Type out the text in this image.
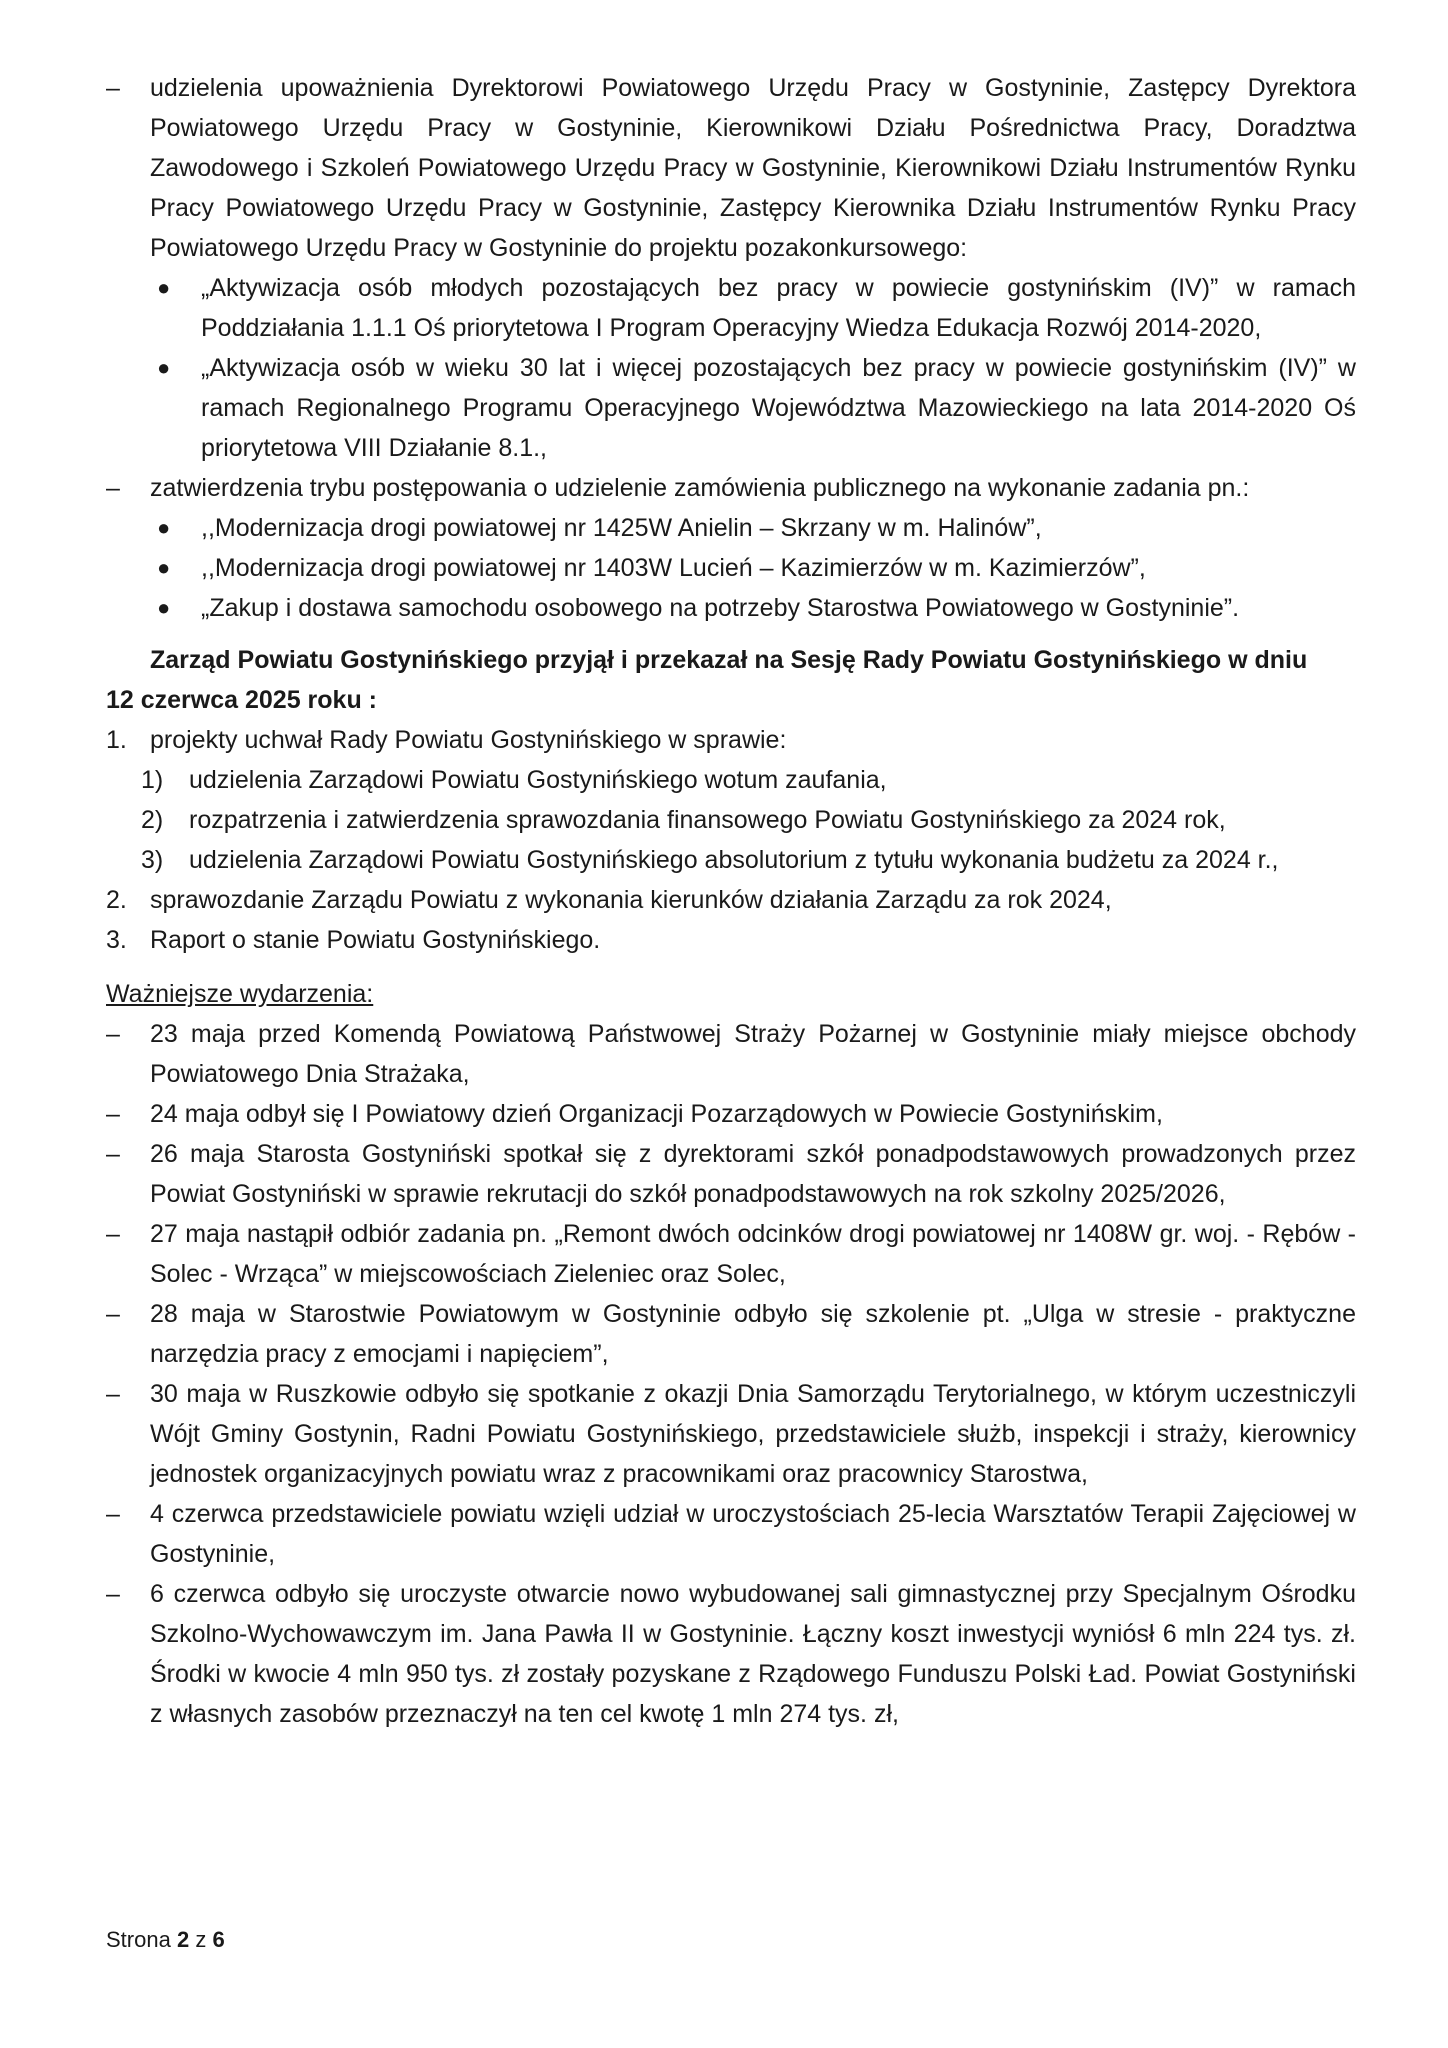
– udzielenia upoważnienia Dyrektorowi Powiatowego Urzędu Pracy w Gostyninie, Zastępcy Dyrektora Powiatowego Urzędu Pracy w Gostyninie, Kierownikowi Działu Pośrednictwa Pracy, Doradztwa Zawodowego i Szkoleń Powiatowego Urzędu Pracy w Gostyninie, Kierownikowi Działu Instrumentów Rynku Pracy Powiatowego Urzędu Pracy w Gostyninie, Zastępcy Kierownika Działu Instrumentów Rynku Pracy Powiatowego Urzędu Pracy w Gostyninie do projektu pozakonkursowego:
● „Aktywizacja osób młodych pozostających bez pracy w powiecie gostynińskim (IV)” w ramach Poddziałania 1.1.1 Oś priorytetowa I Program Operacyjny Wiedza Edukacja Rozwój 2014-2020,
● „Aktywizacja osób w wieku 30 lat i więcej pozostających bez pracy w powiecie gostynińskim (IV)” w ramach Regionalnego Programu Operacyjnego Województwa Mazowieckiego na lata 2014-2020 Oś priorytetowa VIII Działanie 8.1.,
– zatwierdzenia trybu postępowania o udzielenie zamówienia publicznego na wykonanie zadania pn.:
● ,,Modernizacja drogi powiatowej nr 1425W Anielin – Skrzany w m. Halinów”,
● ,,Modernizacja drogi powiatowej nr 1403W Lucień – Kazimierzów w m. Kazimierzów”,
● „Zakup i dostawa samochodu osobowego na potrzeby Starostwa Powiatowego w Gostyninie”.
Zarząd Powiatu Gostynińskiego przyjął i przekazał na Sesję Rady Powiatu Gostynińskiego w dniu
12 czerwca 2025 roku :
1. projekty uchwał Rady Powiatu Gostynińskiego w sprawie:
1) udzielenia Zarządowi Powiatu Gostynińskiego wotum zaufania,
2) rozpatrzenia i zatwierdzenia sprawozdania finansowego Powiatu Gostynińskiego za 2024 rok,
3) udzielenia Zarządowi Powiatu Gostynińskiego absolutorium z tytułu wykonania budżetu za 2024 r.,
2. sprawozdanie Zarządu Powiatu z wykonania kierunków działania Zarządu za rok 2024,
3. Raport o stanie Powiatu Gostynińskiego.
Ważniejsze wydarzenia:
– 23 maja przed Komendą Powiatową Państwowej Straży Pożarnej w Gostyninie miały miejsce obchody Powiatowego Dnia Strażaka,
– 24 maja odbył się I Powiatowy dzień Organizacji Pozarządowych w Powiecie Gostynińskim,
– 26 maja Starosta Gostyniński spotkał się z dyrektorami szkół ponadpodstawowych prowadzonych przez Powiat Gostyniński w sprawie rekrutacji do szkół ponadpodstawowych na rok szkolny 2025/2026,
– 27 maja nastąpił odbiór zadania pn. „Remont dwóch odcinków drogi powiatowej nr 1408W gr. woj. - Rębów - Solec - Wrząca” w miejscowościach Zieleniec oraz Solec,
– 28 maja w Starostwie Powiatowym w Gostyninie odbyło się szkolenie pt. „Ulga w stresie - praktyczne narzędzia pracy z emocjami i napięciem”,
– 30 maja w Ruszkowie odbyło się spotkanie z okazji Dnia Samorządu Terytorialnego, w którym uczestniczyli Wójt Gminy Gostynin, Radni Powiatu Gostynińskiego, przedstawiciele służb, inspekcji i straży, kierownicy jednostek organizacyjnych powiatu wraz z pracownikami oraz pracownicy Starostwa,
– 4 czerwca przedstawiciele powiatu wzięli udział w uroczystościach 25-lecia Warsztatów Terapii Zajęciowej w Gostyninie,
– 6 czerwca odbyło się uroczyste otwarcie nowo wybudowanej sali gimnastycznej przy Specjalnym Ośrodku Szkolno-Wychowawczym im. Jana Pawła II w Gostyninie. Łączny koszt inwestycji wyniósł 6 mln 224 tys. zł. Środki w kwocie 4 mln 950 tys. zł zostały pozyskane z Rządowego Funduszu Polski Ład. Powiat Gostyniński z własnych zasobów przeznaczył na ten cel kwotę 1 mln 274 tys. zł,
Strona 2 z 6
